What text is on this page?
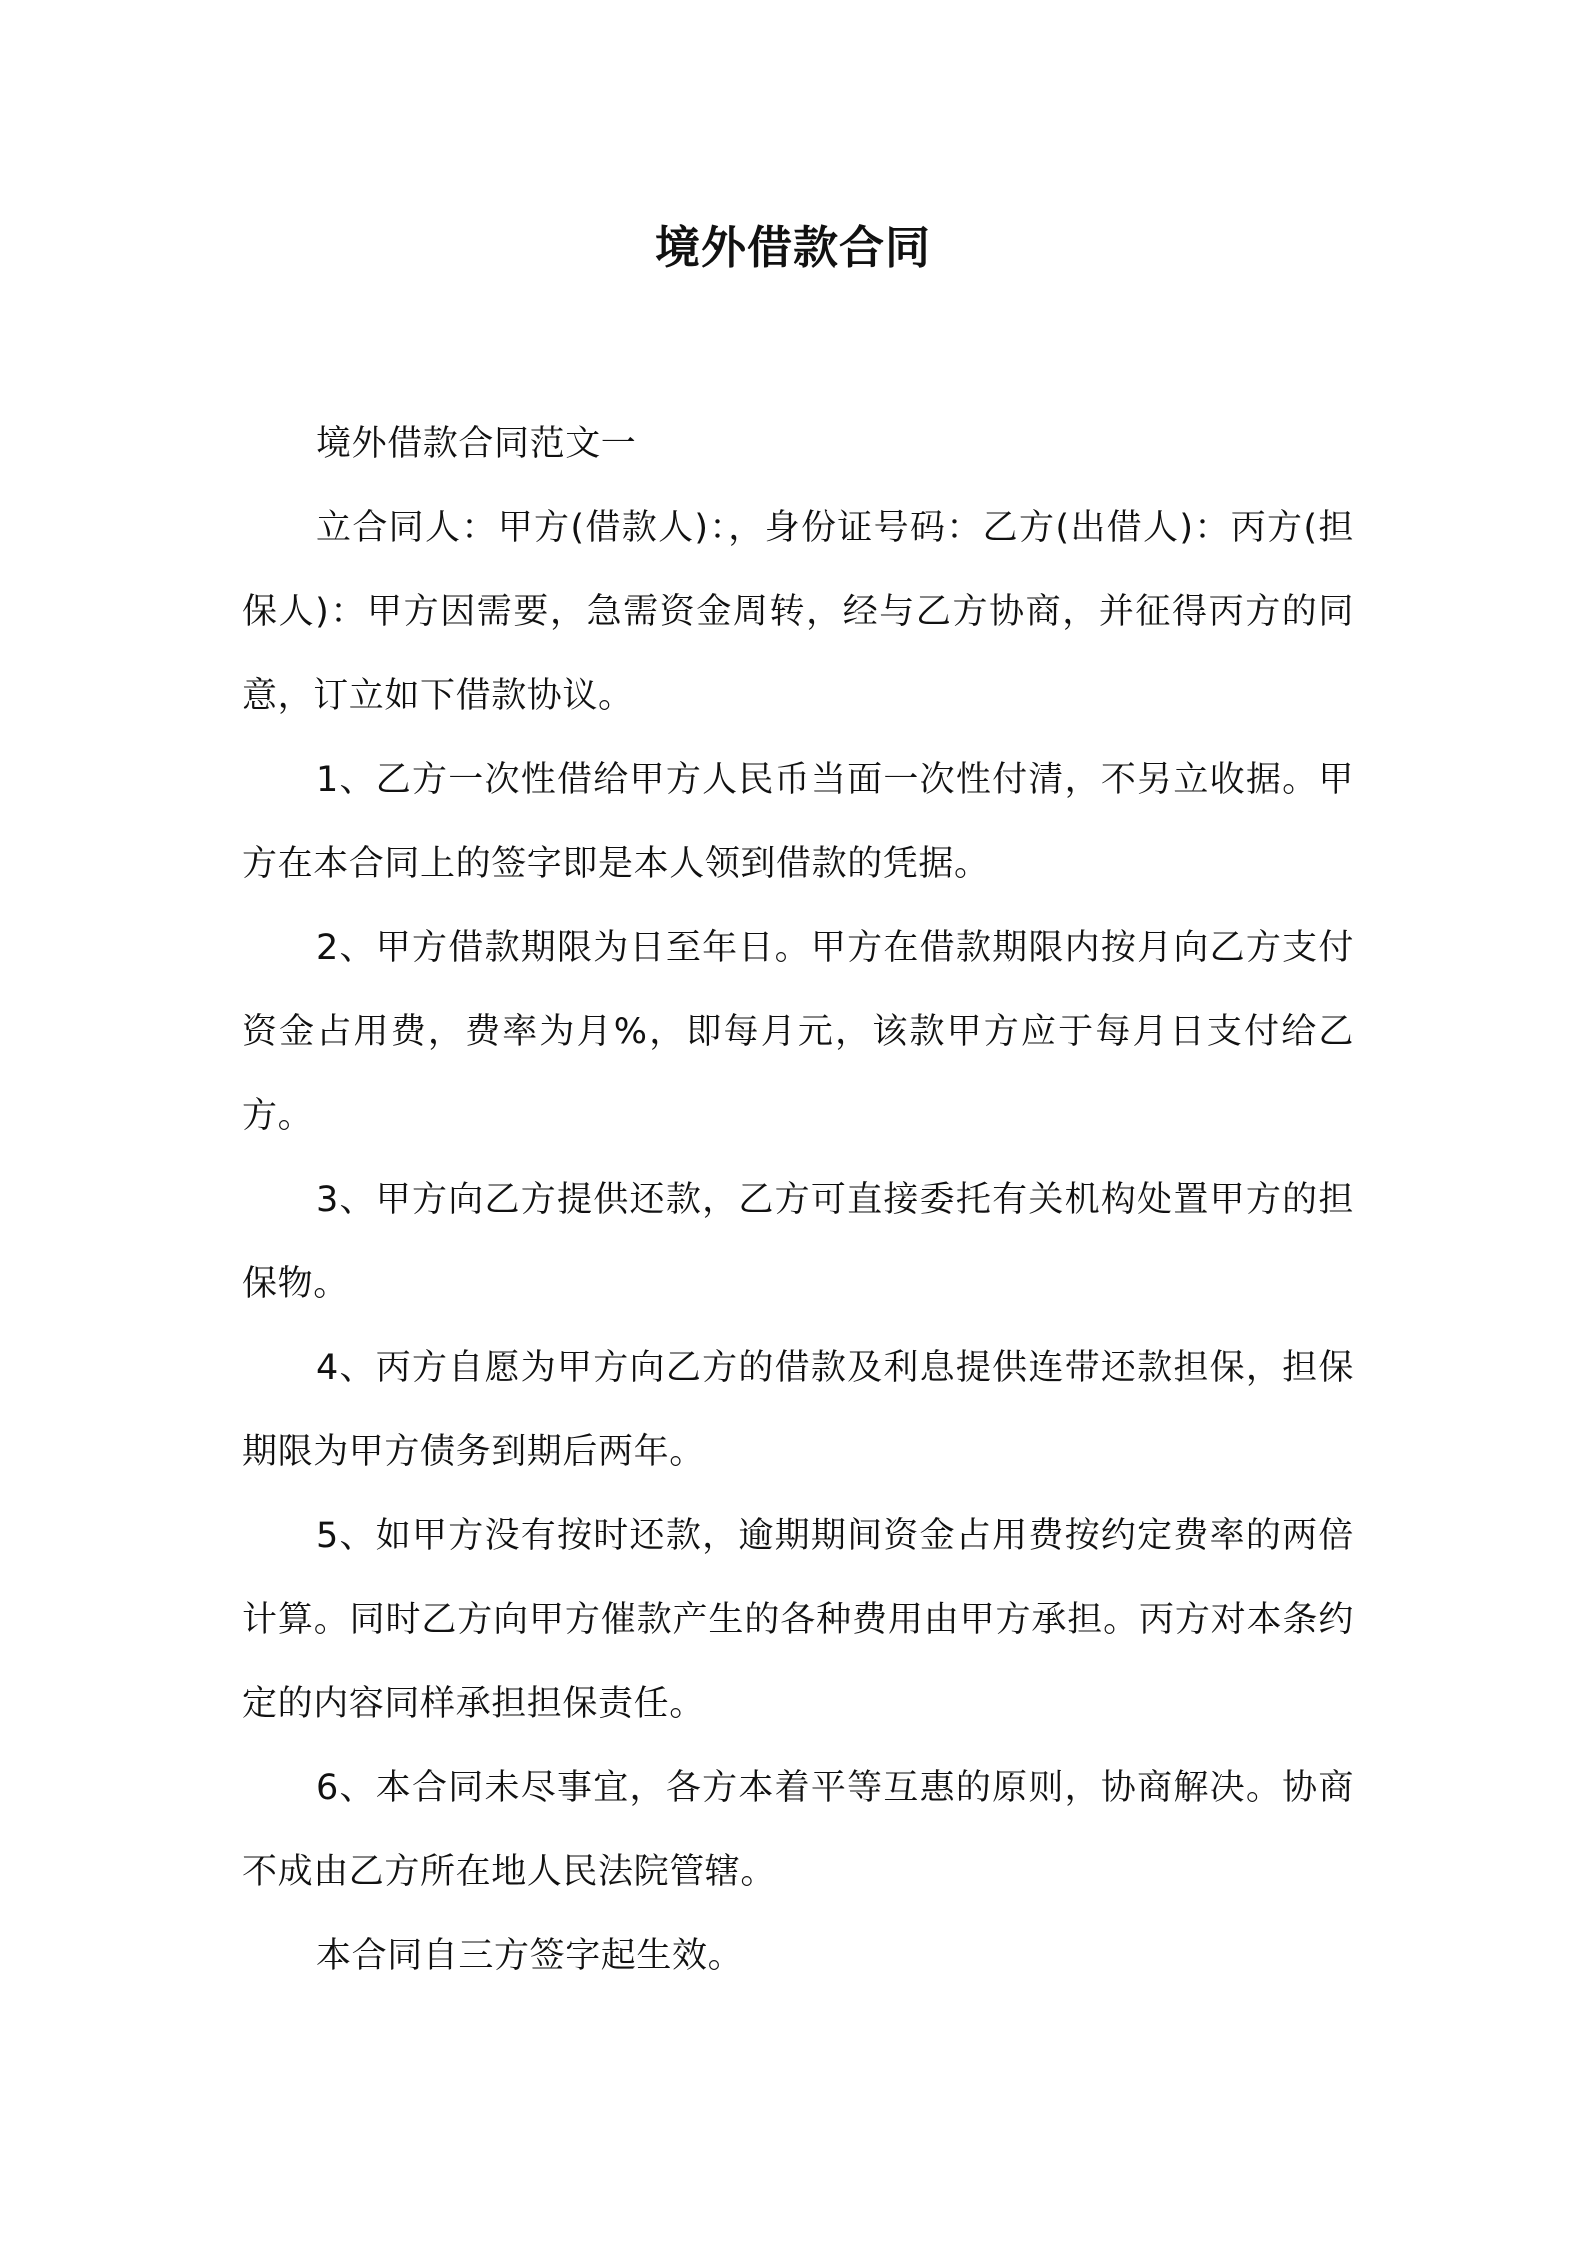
境外借款合同

境外借款合同范文一

立合同人：甲方(借款人)：，身份证号码：乙方(出借人)：丙方(担保人)：甲方因需要，急需资金周转，经与乙方协商，并征得丙方的同意，订立如下借款协议。

1、乙方一次性借给甲方人民币当面一次性付清，不另立收据。甲方在本合同上的签字即是本人领到借款的凭据。

2、甲方借款期限为日至年日。甲方在借款期限内按月向乙方支付资金占用费，费率为月%，即每月元，该款甲方应于每月日支付给乙方。

3、甲方向乙方提供还款，乙方可直接委托有关机构处置甲方的担保物。

4、丙方自愿为甲方向乙方的借款及利息提供连带还款担保，担保期限为甲方债务到期后两年。

5、如甲方没有按时还款，逾期期间资金占用费按约定费率的两倍计算。同时乙方向甲方催款产生的各种费用由甲方承担。丙方对本条约定的内容同样承担担保责任。

6、本合同未尽事宜，各方本着平等互惠的原则，协商解决。协商不成由乙方所在地人民法院管辖。

本合同自三方签字起生效。
